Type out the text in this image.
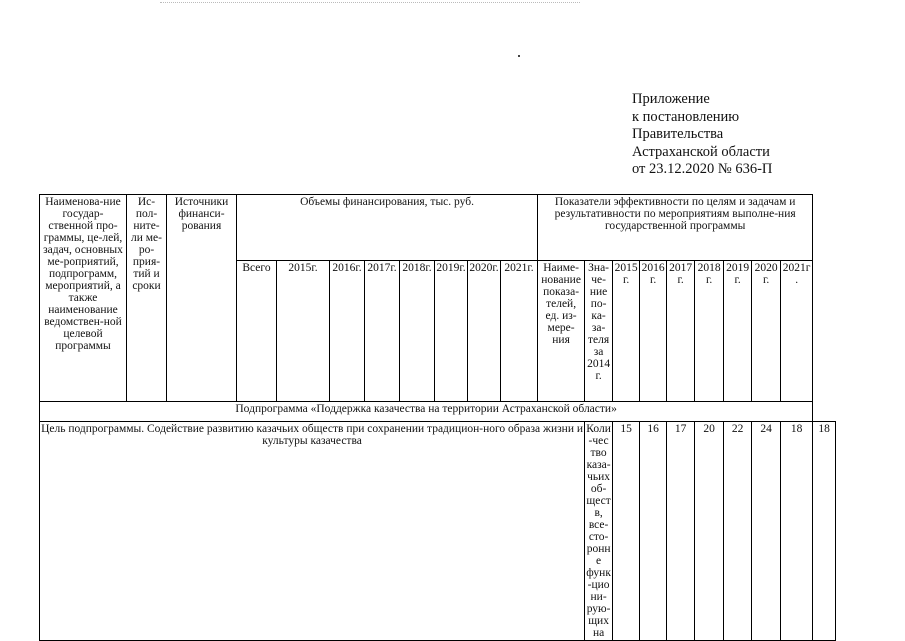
Приложение
к постановлению
Правительства
Астраханской области
от 23.12.2020 № 636-П
Наименова-ние государ-ственной про-граммы, це-лей, задач, основных ме-роприятий, подпрограмм, мероприятий, а также наименование ведомствен-ной целевой программы	Ис-пол-ните-ли ме-ро-прия-тий и сроки	Источники финанси-рования	Объемы финансирования, тыс. руб.								Показатели эффективности по целям и задачам и результативности по мероприятиям выполне-ния государственной программы									
			Всего	2015г.	2016г.	2017г.	2018г.	2019г.	2020г.	2021г.	Наиме-нование показа-телей, ед. из-мере-ния	Зна-че-ние по-ка-за-теля за 2014 г.	2015г.	2016г.	2017г.	2018г.	2019г.	2020г.	2021г.	
Подпрограмма «Поддержка казачества на территории Астраханской области»																				
Цель подпрограммы. Содействие развитию казачьих обществ при сохранении традицион-ного образа жизни и культуры казачества												Коли-чество каза-чьих об-ществ, все-сто-ронне функ-циони-рую-щих на	15	16	17	20	22	24	18	18
